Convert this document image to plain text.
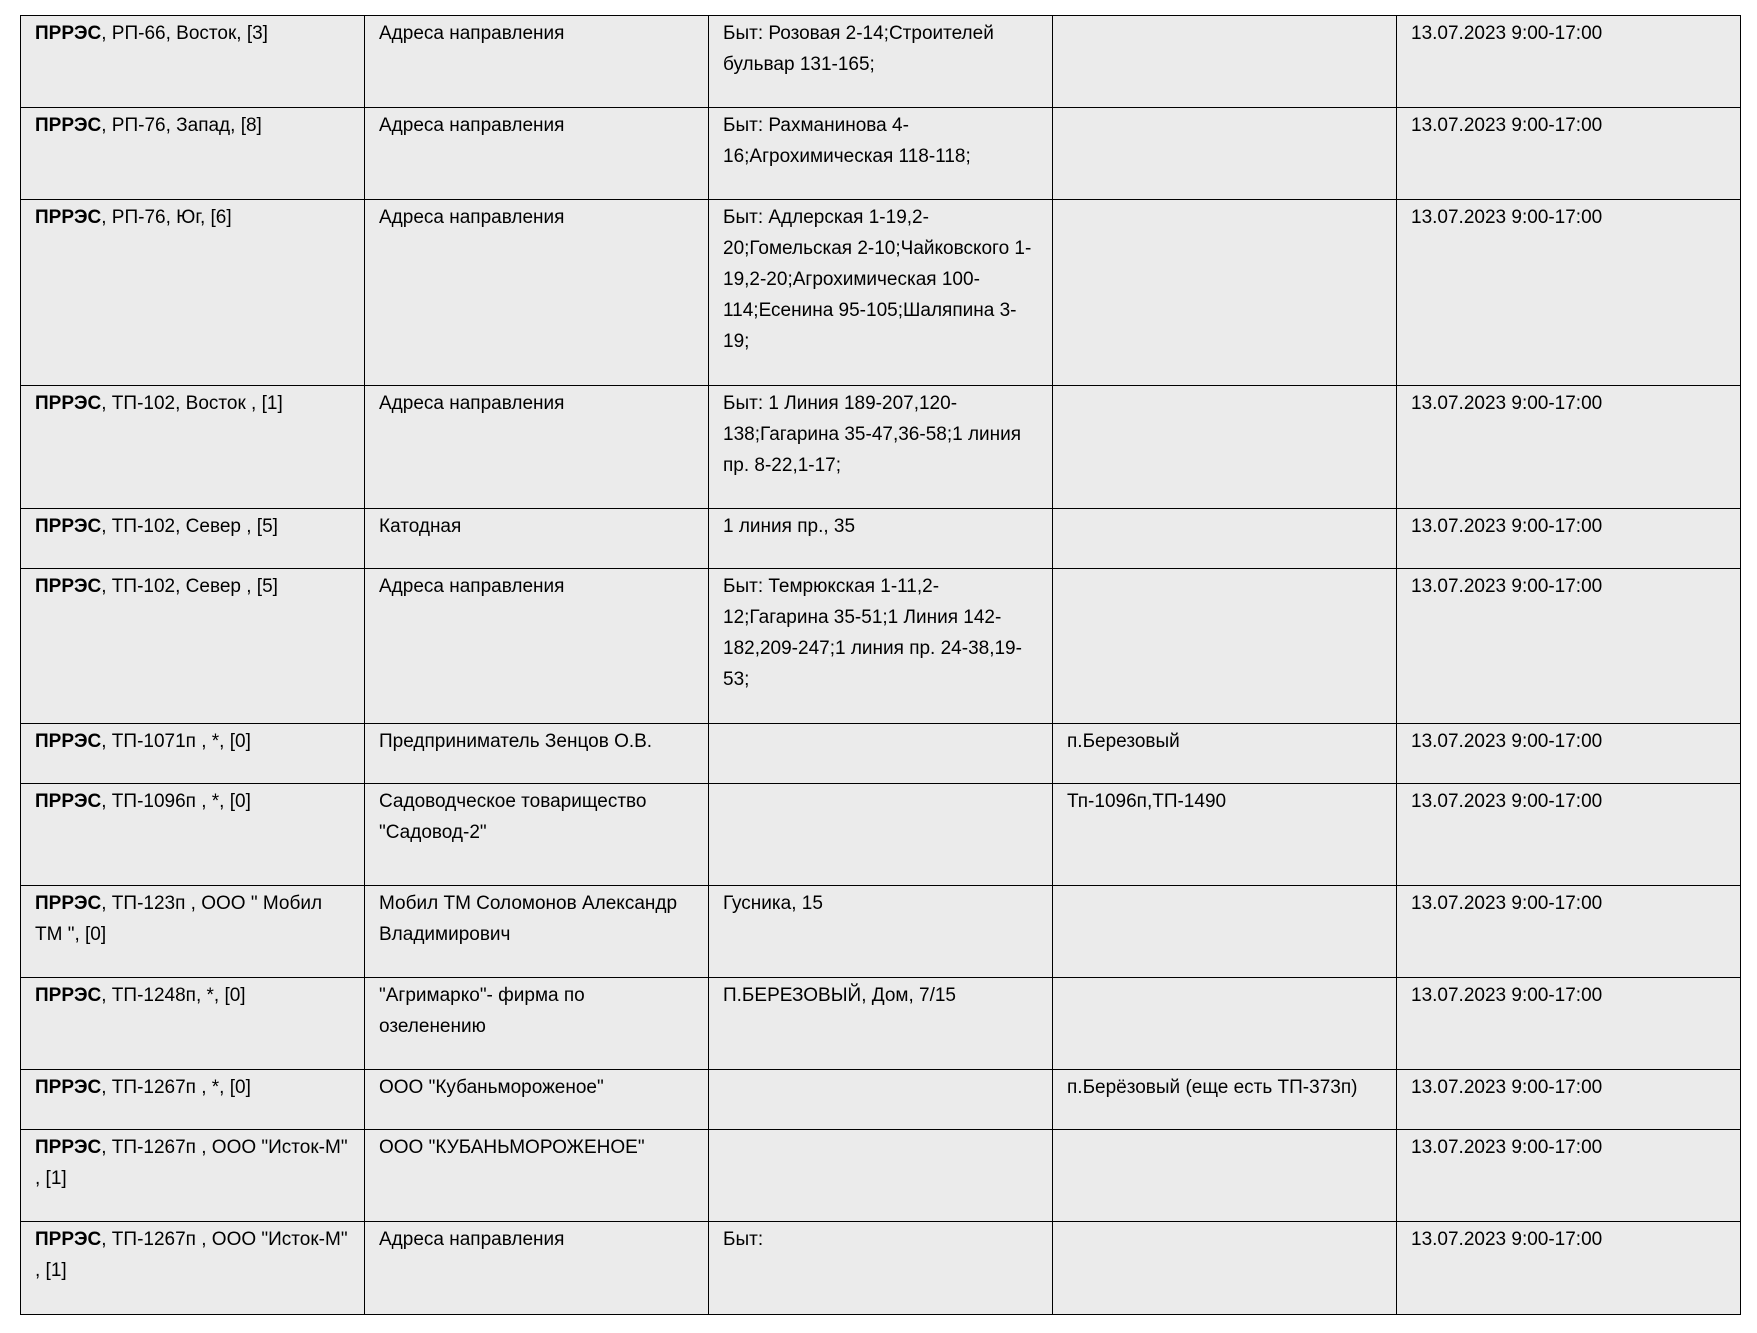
ПРРЭС, РП-66, Восток, [3]	Адреса направления	Быт: Розовая 2-14;Строителей бульвар 131-165;		13.07.2023 9:00-17:00
ПРРЭС, РП-76, Запад, [8]	Адреса направления	Быт: Рахманинова 4-16;Агрохимическая 118-118;		13.07.2023 9:00-17:00
ПРРЭС, РП-76, Юг, [6]	Адреса направления	Быт: Адлерская 1-19,2-20;Гомельская 2-10;Чайковского 1-19,2-20;Агрохимическая 100-114;Есенина 95-105;Шаляпина 3-19;		13.07.2023 9:00-17:00
ПРРЭС, ТП-102, Восток , [1]	Адреса направления	Быт: 1 Линия 189-207,120-138;Гагарина 35-47,36-58;1 линия пр. 8-22,1-17;		13.07.2023 9:00-17:00
ПРРЭС, ТП-102, Север , [5]	Катодная	1 линия пр., 35		13.07.2023 9:00-17:00
ПРРЭС, ТП-102, Север , [5]	Адреса направления	Быт: Темрюкская 1-11,2-12;Гагарина 35-51;1 Линия 142-182,209-247;1 линия пр. 24-38,19-53;		13.07.2023 9:00-17:00
ПРРЭС, ТП-1071п , *, [0]	Предприниматель Зенцов О.В.		п.Березовый	13.07.2023 9:00-17:00
ПРРЭС, ТП-1096п , *, [0]	Садоводческое товарищество "Садовод-2"		Тп-1096п,ТП-1490	13.07.2023 9:00-17:00
ПРРЭС, ТП-123п , ООО " Мобил ТМ ", [0]	Мобил ТМ Соломонов Александр Владимирович	Гусника, 15		13.07.2023 9:00-17:00
ПРРЭС, ТП-1248п, *, [0]	"Агримарко"- фирма по озеленению	П.БЕРЕЗОВЫЙ, Дом, 7/15		13.07.2023 9:00-17:00
ПРРЭС, ТП-1267п , *, [0]	ООО "Кубаньмороженое"		п.Берёзовый (еще есть ТП-373п)	13.07.2023 9:00-17:00
ПРРЭС, ТП-1267п , ООО "Исток-М" , [1]	ООО "КУБАНЬМОРОЖЕНОЕ"			13.07.2023 9:00-17:00
ПРРЭС, ТП-1267п , ООО "Исток-М" , [1]	Адреса направления	Быт:		13.07.2023 9:00-17:00
